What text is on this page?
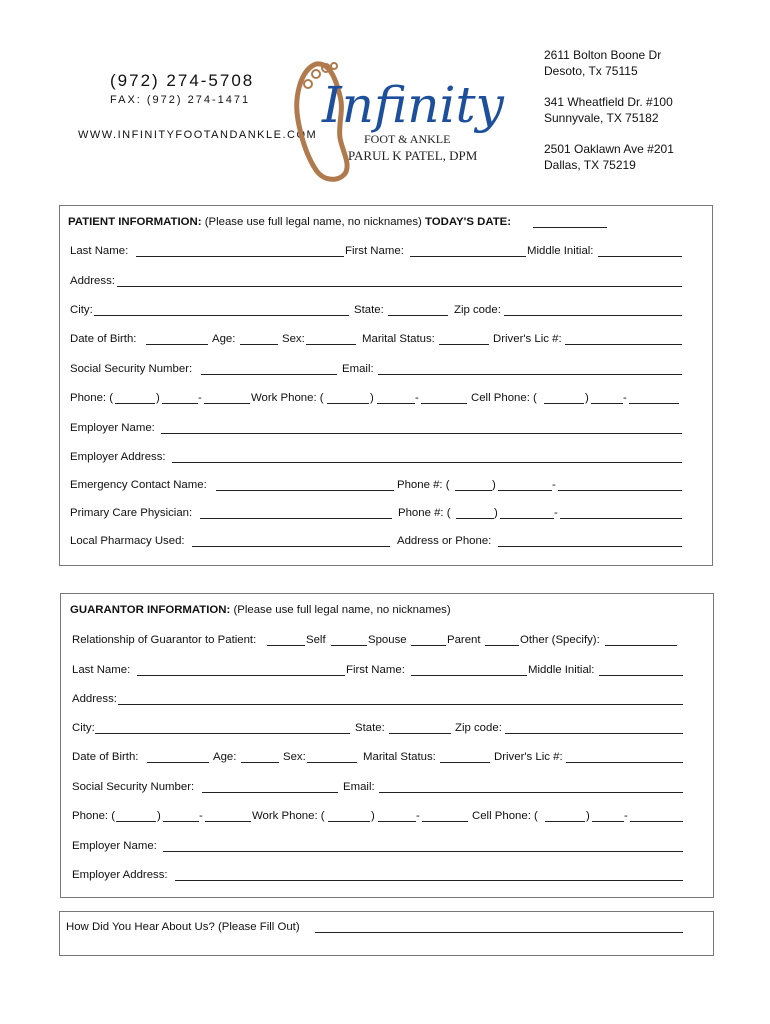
(972) 274-5708
FAX: (972) 274-1471
WWW.INFINITYFOOTANDANKLE.COM
Infinity
FOOT & ANKLE
PARUL K PATEL, DPM
2611 Bolton Boone Dr
Desoto, Tx 75115
341 Wheatfield Dr. #100
Sunnyvale, TX 75182
2501 Oaklawn Ave #201
Dallas, TX 75219
PATIENT INFORMATION: (Please use full legal name, no nicknames) TODAY'S DATE:
Last Name:	First Name:	Middle Initial:
Address:
City:	State:	Zip code:
Date of Birth:	Age:	Sex:	Marital Status:	Driver's Lic #:
Social Security Number:	Email:
Phone: (	)	-	Work Phone: (	)	-	Cell Phone: (	)	-
Employer Name:
Employer Address:
Emergency Contact Name:	Phone #: (	)	-
Primary Care Physician:	Phone #: (	)	-
Local Pharmacy Used:	Address or Phone:
GUARANTOR INFORMATION: (Please use full legal name, no nicknames)
Relationship of Guarantor to Patient:	Self	Spouse	Parent	Other (Specify):
Last Name:	First Name:	Middle Initial:
Address:
City:	State:	Zip code:
Date of Birth:	Age:	Sex:	Marital Status:	Driver's Lic #:
Social Security Number:	Email:
Phone: (	)	-	Work Phone: (	)	-	Cell Phone: (	)	-
Employer Name:
Employer Address:
How Did You Hear About Us? (Please Fill Out)
